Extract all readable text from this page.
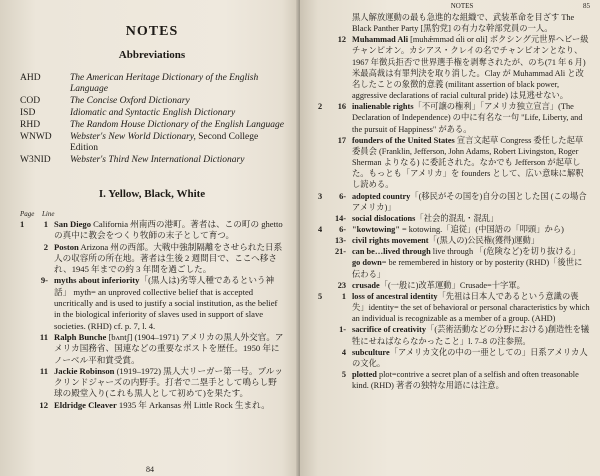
NOTES
Abbreviations
AHD	The American Heritage Dictionary of the English Language
COD	The Concise Oxford Dictionary
ISD	Idiomatic and Syntactic English Dictionary
RHD	The Random House Dictionary of the English Language
WNWD	Webster's New World Dictionary, Second College Edition
W3NID	Webster's Third New International Dictionary
I. Yellow, Black, White
Page	Line
1	1 San Diego California 州南西の港町。著者は、この町の ghetto の真中に教会をつくり牧師の末子として育つ。
2 Poston Arizona 州の西部。大戦中強制隔離をさせられた日系人の収容所の所在地。著者は生後 2 週間目で、ここへ移され、1945 年までの約 3 年間を過ごした。
9- myths about inferiority「(黒人は)劣等人種であるという神話」 myth= an unproved collective belief that is accepted uncritically and is used to justify a social institution, as the belief in the biological inferiority of slaves used in support of slave societies. (RHD) cf. p. 7, l. 4.
11 Ralph Bunche [bʌntʃ] (1904–1971) アメリカの黒人外交官。アメリカ国務省、国連などの重要なポストを歴任。1950 年にノーベル平和賞受賞。
11 Jackie Robinson (1919–1972) 黒人大リーガー第一号。ブルックリンドジャーズの内野手。打者で二塁手として鳴らし野球の殿堂入り(これも黒人として初めて)を果たす。
12 Eldridge Cleaver 1935 年 Arkansas 州 Little Rock 生まれ。
84
NOTES	85
黒人解放運動の最も急進的な組織で、武装革命を目ざす The Black Panther Party [黒豹党] の有力な幹部党員の一人。
12 Muhammad Ali [muhǽmməd ɑ́li or ɑli] ボクシング元世界ヘビー級チャンピオン。カシアス・クレイの名でチャンピオンとなり、1967 年徴兵拒否で世界選手権を剥奪されたが、のち(71 年 6 月) 米最高裁は有罪判決を取り消した。Clay が Muhammad Ali と改名したことの象徴的意義 (militant assertion of black power, aggressive declarations of racial cultural pride) は見逃せない。
2	16 inalienable rights「不可譲の権利」「アメリカ独立宣言」(The Declaration of Independence) の中に有名な一句 "Life, Liberty, and the pursuit of Happiness" がある。
17 founders of the United States 宣言文起草 Congress 委任した起草委員会 (Franklin, Jefferson, John Adams, Robert Livingston, Roger Sherman よりなる) に委託された。なかでも Jefferson が起草した。もっとも「アメリカ」を founders として、広い意味に解釈し読める。
3	6- adopted country「(移民がその国を)自分の国とした国 (この場合アメリカ)」
14- social dislocations「社会的混乱・混乱」
4	6- "kowtowing" = kotowing.「追従」(中国語の「叩頭」から)
13- civil rights movement「(黒人の)公民権(獲得)運動」
21- can be…lived through live through 「(危険など)を切り抜ける」
go down= be remembered in history or by posterity (RHD)「後世に伝わる」
23 crusade「(一般に)改革運動」Crusade=十字軍。
5	1 loss of ancestral identity「先祖は日本人であるという意識の喪失」identity= the set of behavioral or personal characteristics by which an individual is recognizable as a member of a group. (AHD)
1- sacrifice of creativity「(芸術活動などの分野における)創造性を犠牲にせねばならなかったこと」l. 7–8 の注参照。
4 subculture「アメリカ文化の中の一亜としての」日系アメリカ人の文化。
5 plotted plot=contrive a secret plan of a selfish and often treasonable kind. (RHD) 著者の独特な用語には注意。
